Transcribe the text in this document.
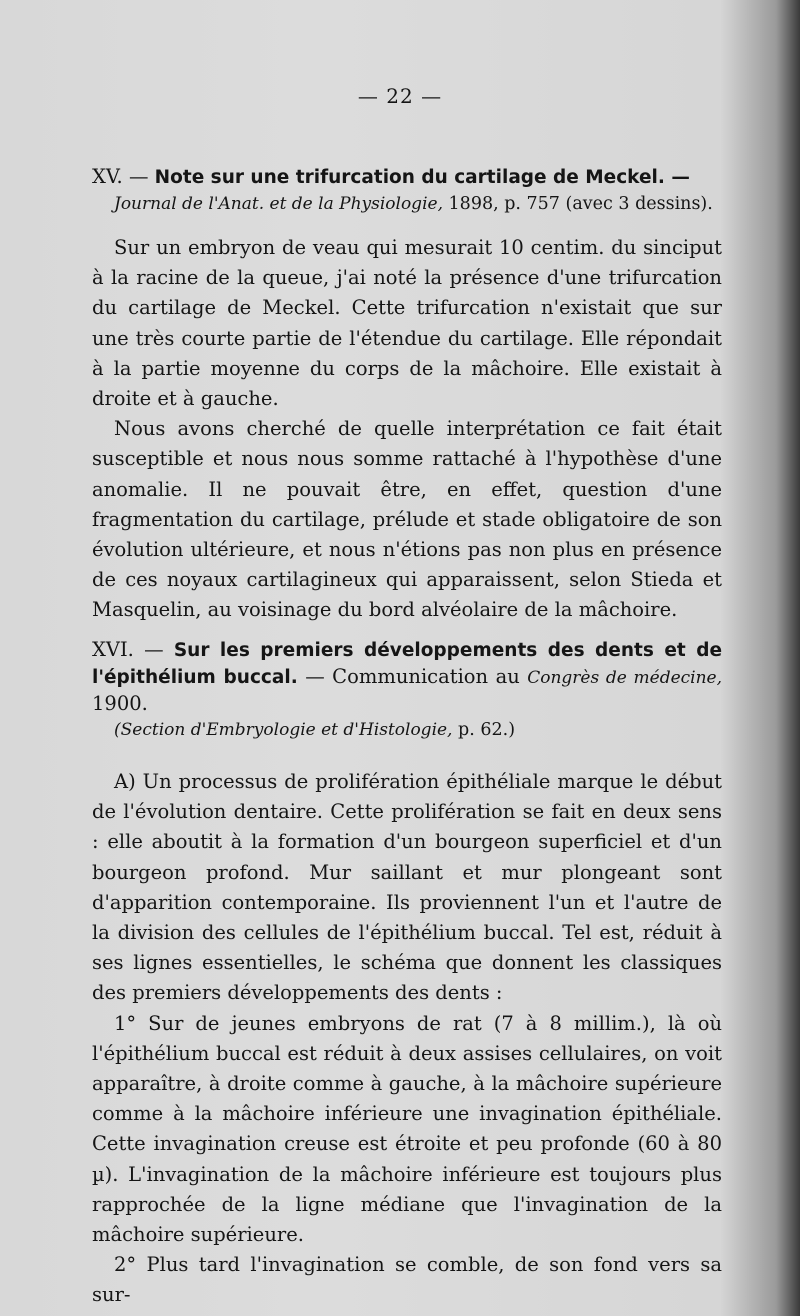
— 22 —
XV. — Note sur une trifurcation du cartilage de Meckel. —
Journal de l'Anat. et de la Physiologie, 1898, p. 757 (avec 3 dessins).

Sur un embryon de veau qui mesurait 10 centim. du sinciput à la racine de la queue, j'ai noté la présence d'une trifurcation du cartilage de Meckel. Cette trifurcation n'existait que sur une très courte partie de l'étendue du cartilage. Elle répondait à la partie moyenne du corps de la mâchoire. Elle existait à droite et à gauche.

Nous avons cherché de quelle interprétation ce fait était susceptible et nous nous somme rattaché à l'hypothèse d'une anomalie. Il ne pouvait être, en effet, question d'une fragmentation du cartilage, prélude et stade obligatoire de son évolution ultérieure, et nous n'étions pas non plus en présence de ces noyaux cartilagineux qui apparaissent, selon Stieda et Masquelin, au voisinage du bord alvéolaire de la mâchoire.

XVI. — Sur les premiers développements des dents et de l'épithélium buccal. — Communication au Congrès de médecine, 1900.
(Section d'Embryologie et d'Histologie, p. 62.)

A) Un processus de prolifération épithéliale marque le début de l'évolution dentaire. Cette prolifération se fait en deux sens : elle aboutit à la formation d'un bourgeon superficiel et d'un bourgeon profond. Mur saillant et mur plongeant sont d'apparition contemporaine. Ils proviennent l'un et l'autre de la division des cellules de l'épithélium buccal. Tel est, réduit à ses lignes essentielles, le schéma que donnent les classiques des premiers développements des dents :

1° Sur de jeunes embryons de rat (7 à 8 millim.), là où l'épithélium buccal est réduit à deux assises cellulaires, on voit apparaître, à droite comme à gauche, à la mâchoire supérieure comme à la mâchoire inférieure une invagination épithéliale. Cette invagination creuse est étroite et peu profonde (60 à 80 µ). L'invagination de la mâchoire inférieure est toujours plus rapprochée de la ligne médiane que l'invagination de la mâchoire supérieure.

2° Plus tard l'invagination se comble, de son fond vers sa sur-
